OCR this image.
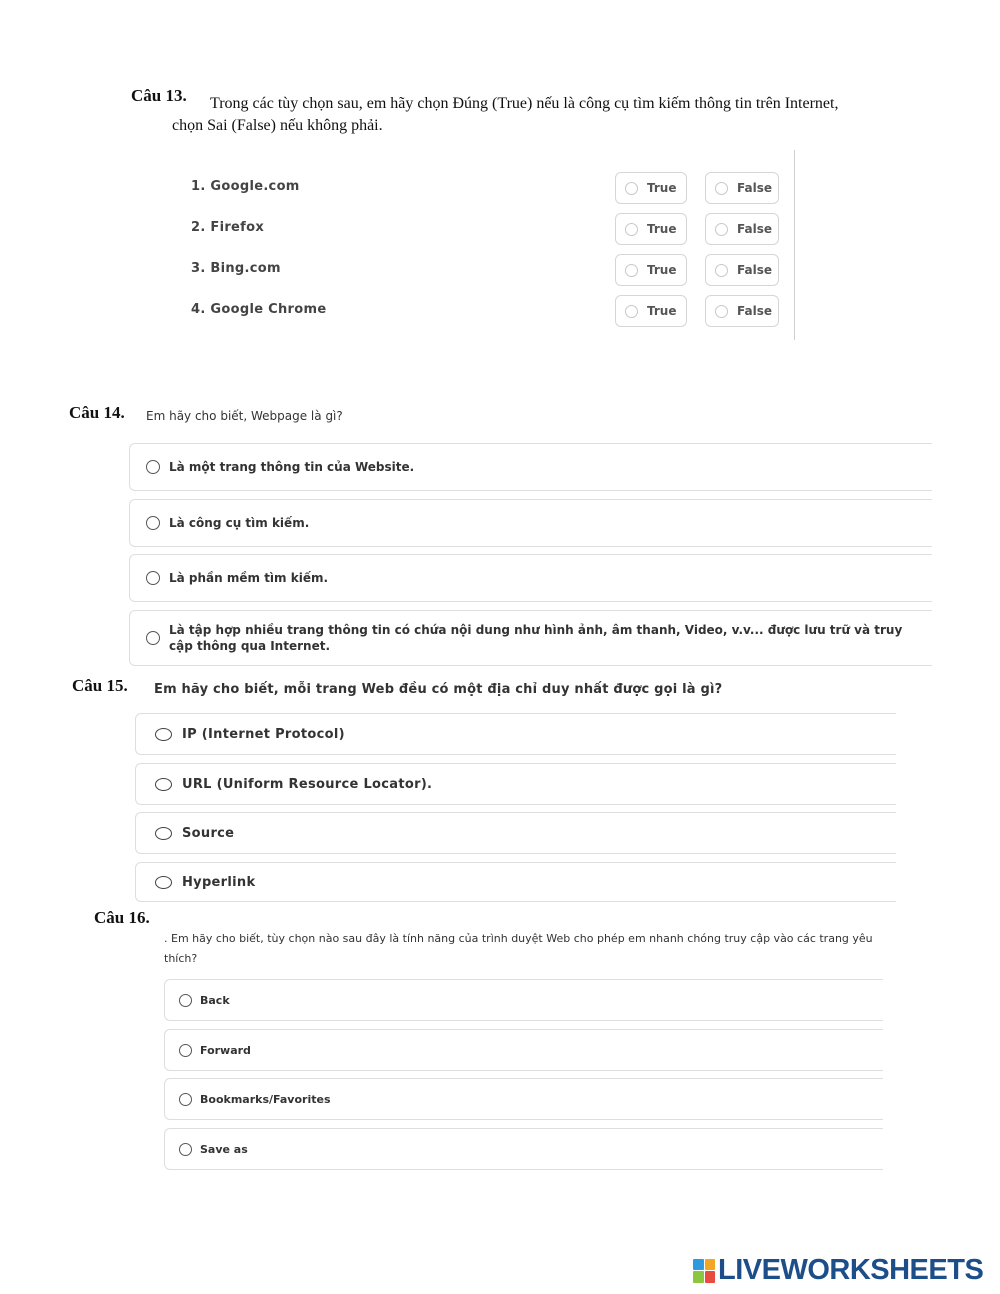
Câu 13. Trong các tùy chọn sau, em hãy chọn Đúng (True) nếu là công cụ tìm kiếm thông tin trên Internet,
chọn Sai (False) nếu không phải.
1. Google.com	True	False
2. Firefox	True	False
3. Bing.com	True	False
4. Google Chrome	True	False
Câu 14. Em hãy cho biết, Webpage là gì?
Là một trang thông tin của Website.
Là công cụ tìm kiếm.
Là phần mềm tìm kiếm.
Là tập hợp nhiều trang thông tin có chứa nội dung như hình ảnh, âm thanh, Video, v.v... được lưu trữ và truy cập thông qua Internet.
Câu 15. Em hãy cho biết, mỗi trang Web đều có một địa chỉ duy nhất được gọi là gì?
IP (Internet Protocol)
URL (Uniform Resource Locator).
Source
Hyperlink
Câu 16.
. Em hãy cho biết, tùy chọn nào sau đây là tính năng của trình duyệt Web cho phép em nhanh chóng truy cập vào các trang yêu thích?
Back
Forward
Bookmarks/Favorites
Save as
LIVEWORKSHEETS
